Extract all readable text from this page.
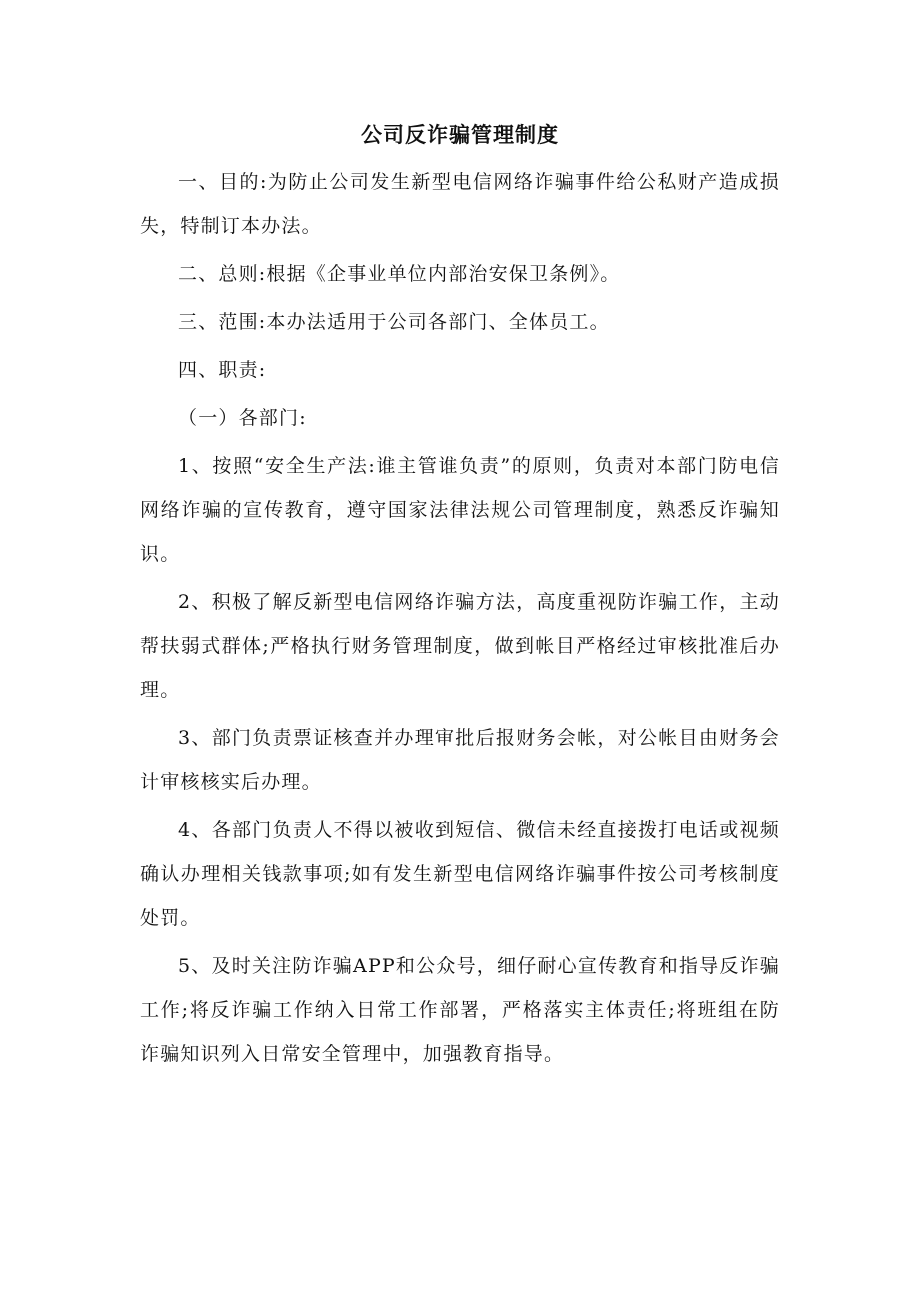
公司反诈骗管理制度

一、目的:为防止公司发生新型电信网络诈骗事件给公私财产造成损失，特制订本办法。

二、总则:根据《企事业单位内部治安保卫条例》。

三、范围:本办法适用于公司各部门、全体员工。

四、职责:

（一）各部门:

1、按照“安全生产法:谁主管谁负责”的原则，负责对本部门防电信网络诈骗的宣传教育，遵守国家法律法规公司管理制度，熟悉反诈骗知识。

2、积极了解反新型电信网络诈骗方法，高度重视防诈骗工作，主动帮扶弱式群体;严格执行财务管理制度，做到帐目严格经过审核批准后办理。

3、部门负责票证核查并办理审批后报财务会帐，对公帐目由财务会计审核核实后办理。

4、各部门负责人不得以被收到短信、微信未经直接拨打电话或视频确认办理相关钱款事项;如有发生新型电信网络诈骗事件按公司考核制度处罚。

5、及时关注防诈骗APP和公众号，细仔耐心宣传教育和指导反诈骗工作;将反诈骗工作纳入日常工作部署，严格落实主体责任;将班组在防诈骗知识列入日常安全管理中，加强教育指导。
